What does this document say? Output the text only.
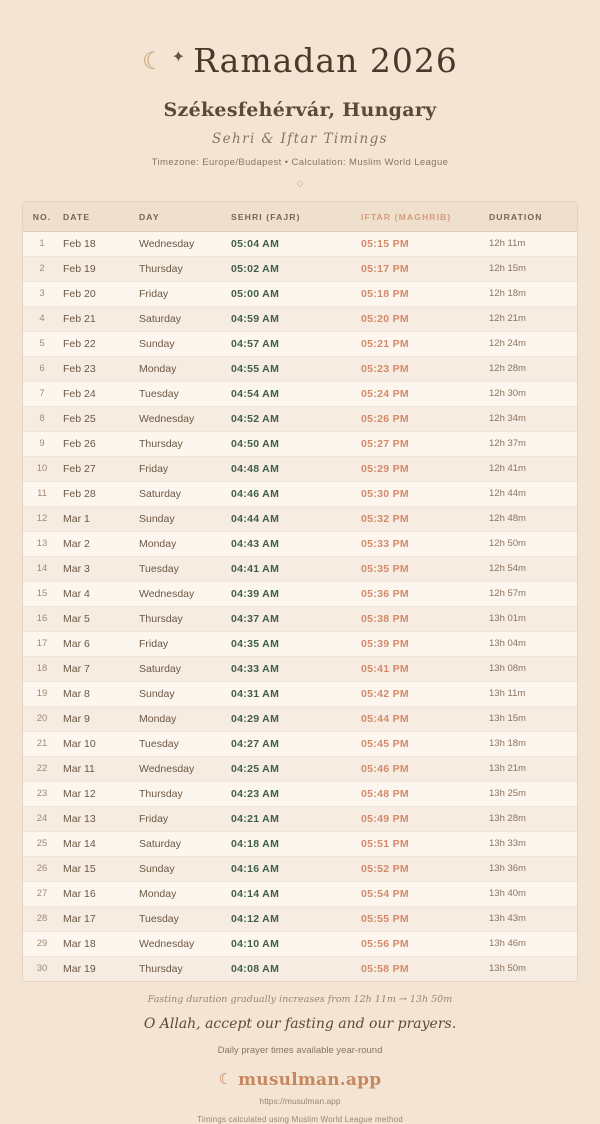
☾ ✦ Ramadan 2026
Székesfehérvár, Hungary
Sehri & Iftar Timings
Timezone: Europe/Budapest • Calculation: Muslim World League
◇
NO.	DATE	DAY	SEHRI (FAJR)	IFTAR (MAGHRIB)	DURATION
1	Feb 18	Wednesday	05:04 AM	05:15 PM	12h 11m
2	Feb 19	Thursday	05:02 AM	05:17 PM	12h 15m
3	Feb 20	Friday	05:00 AM	05:18 PM	12h 18m
4	Feb 21	Saturday	04:59 AM	05:20 PM	12h 21m
5	Feb 22	Sunday	04:57 AM	05:21 PM	12h 24m
6	Feb 23	Monday	04:55 AM	05:23 PM	12h 28m
7	Feb 24	Tuesday	04:54 AM	05:24 PM	12h 30m
8	Feb 25	Wednesday	04:52 AM	05:26 PM	12h 34m
9	Feb 26	Thursday	04:50 AM	05:27 PM	12h 37m
10	Feb 27	Friday	04:48 AM	05:29 PM	12h 41m
11	Feb 28	Saturday	04:46 AM	05:30 PM	12h 44m
12	Mar 1	Sunday	04:44 AM	05:32 PM	12h 48m
13	Mar 2	Monday	04:43 AM	05:33 PM	12h 50m
14	Mar 3	Tuesday	04:41 AM	05:35 PM	12h 54m
15	Mar 4	Wednesday	04:39 AM	05:36 PM	12h 57m
16	Mar 5	Thursday	04:37 AM	05:38 PM	13h 01m
17	Mar 6	Friday	04:35 AM	05:39 PM	13h 04m
18	Mar 7	Saturday	04:33 AM	05:41 PM	13h 08m
19	Mar 8	Sunday	04:31 AM	05:42 PM	13h 11m
20	Mar 9	Monday	04:29 AM	05:44 PM	13h 15m
21	Mar 10	Tuesday	04:27 AM	05:45 PM	13h 18m
22	Mar 11	Wednesday	04:25 AM	05:46 PM	13h 21m
23	Mar 12	Thursday	04:23 AM	05:48 PM	13h 25m
24	Mar 13	Friday	04:21 AM	05:49 PM	13h 28m
25	Mar 14	Saturday	04:18 AM	05:51 PM	13h 33m
26	Mar 15	Sunday	04:16 AM	05:52 PM	13h 36m
27	Mar 16	Monday	04:14 AM	05:54 PM	13h 40m
28	Mar 17	Tuesday	04:12 AM	05:55 PM	13h 43m
29	Mar 18	Wednesday	04:10 AM	05:56 PM	13h 46m
30	Mar 19	Thursday	04:08 AM	05:58 PM	13h 50m
Fasting duration gradually increases from 12h 11m → 13h 50m
O Allah, accept our fasting and our prayers.
Daily prayer times available year-round
☾ musulman.app
https://musulman.app
Timings calculated using Muslim World League method
